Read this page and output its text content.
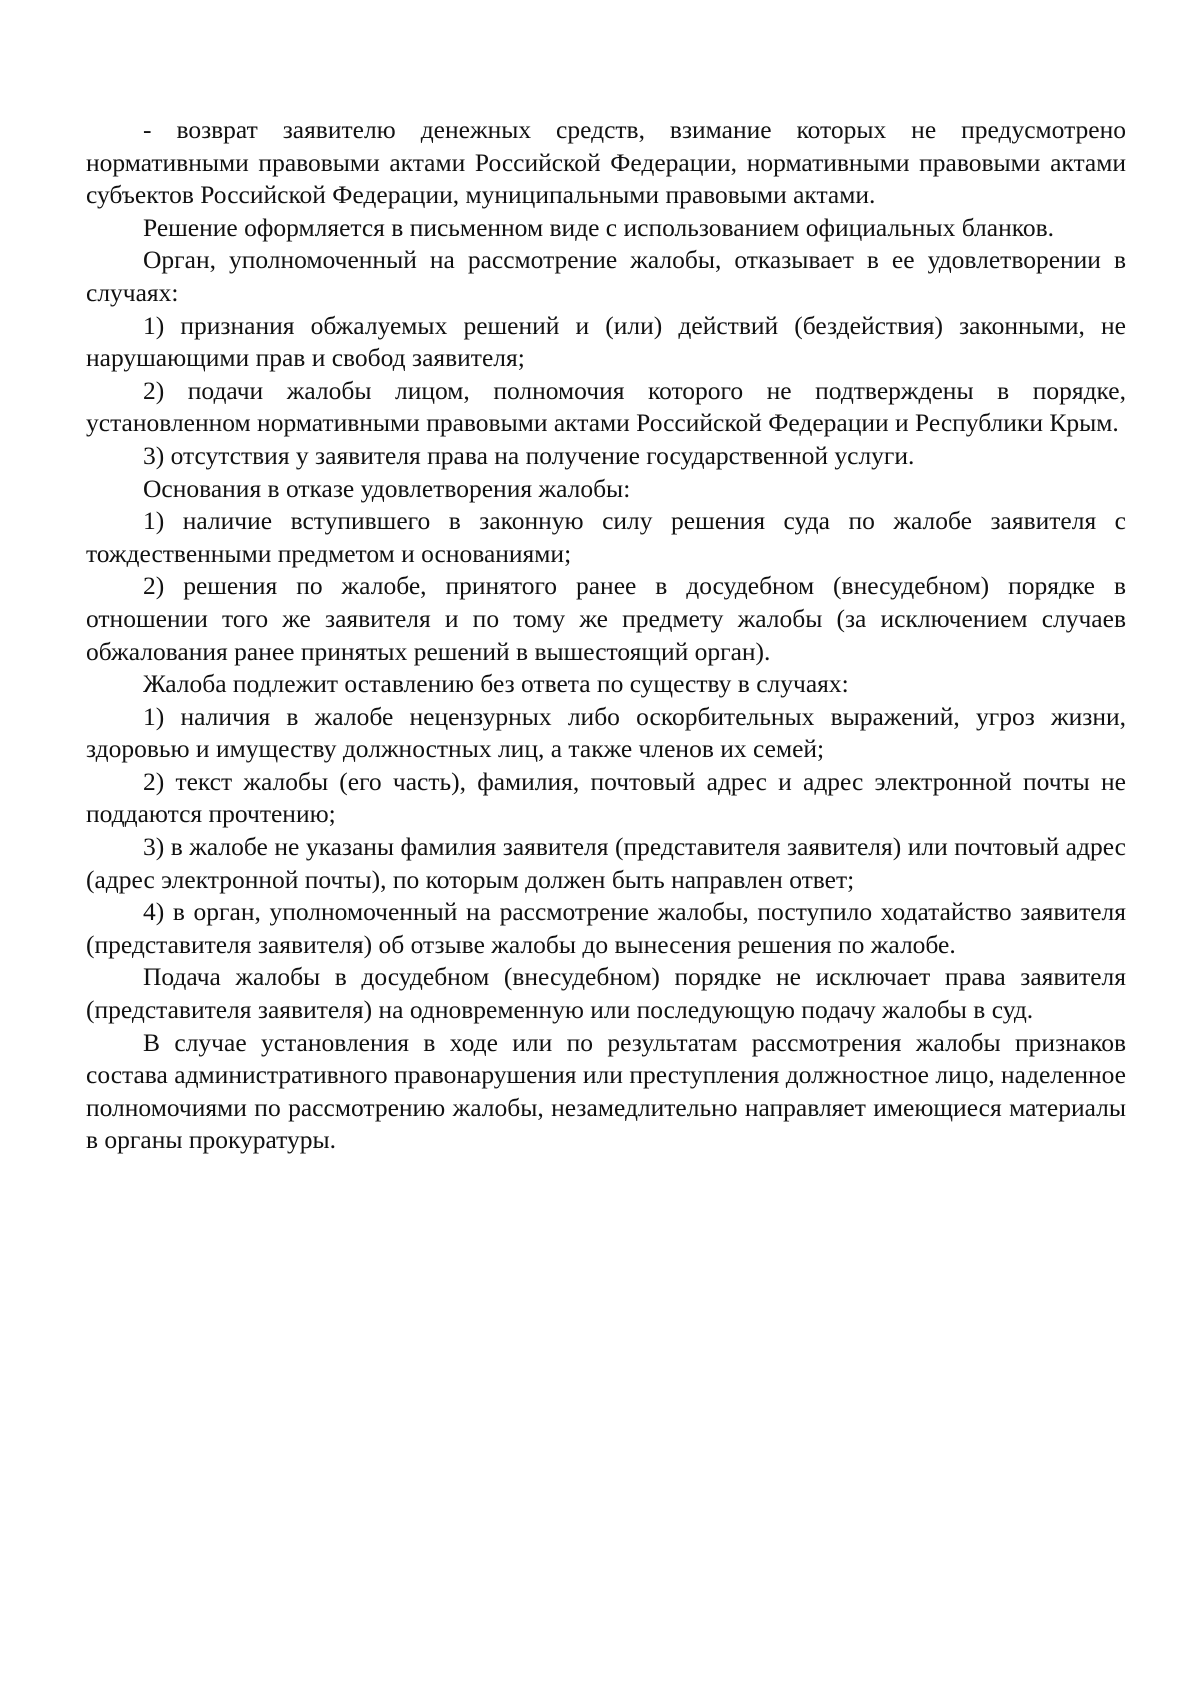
- возврат заявителю денежных средств, взимание которых не предусмотрено нормативными правовыми актами Российской Федерации, нормативными правовыми актами субъектов Российской Федерации, муниципальными правовыми актами.

Решение оформляется в письменном виде с использованием официальных бланков.

Орган, уполномоченный на рассмотрение жалобы, отказывает в ее удовлетворении в случаях:

1) признания обжалуемых решений и (или) действий (бездействия) законными, не нарушающими прав и свобод заявителя;

2) подачи жалобы лицом, полномочия которого не подтверждены в порядке, установленном нормативными правовыми актами Российской Федерации и Республики Крым.

3) отсутствия у заявителя права на получение государственной услуги.

Основания в отказе удовлетворения жалобы:

1) наличие вступившего в законную силу решения суда по жалобе заявителя с тождественными предметом и основаниями;

2) решения по жалобе, принятого ранее в досудебном (внесудебном) порядке в отношении того же заявителя и по тому же предмету жалобы (за исключением случаев обжалования ранее принятых решений в вышестоящий орган).

Жалоба подлежит оставлению без ответа по существу в случаях:

1) наличия в жалобе нецензурных либо оскорбительных выражений, угроз жизни, здоровью и имуществу должностных лиц, а также членов их семей;

2) текст жалобы (его часть), фамилия, почтовый адрес и адрес электронной почты не поддаются прочтению;

3) в жалобе не указаны фамилия заявителя (представителя заявителя) или почтовый адрес (адрес электронной почты), по которым должен быть направлен ответ;

4) в орган, уполномоченный на рассмотрение жалобы, поступило ходатайство заявителя (представителя заявителя) об отзыве жалобы до вынесения решения по жалобе.

Подача жалобы в досудебном (внесудебном) порядке не исключает права заявителя (представителя заявителя) на одновременную или последующую подачу жалобы в суд.

В случае установления в ходе или по результатам рассмотрения жалобы признаков состава административного правонарушения или преступления должностное лицо, наделенное полномочиями по рассмотрению жалобы, незамедлительно направляет имеющиеся материалы в органы прокуратуры.
